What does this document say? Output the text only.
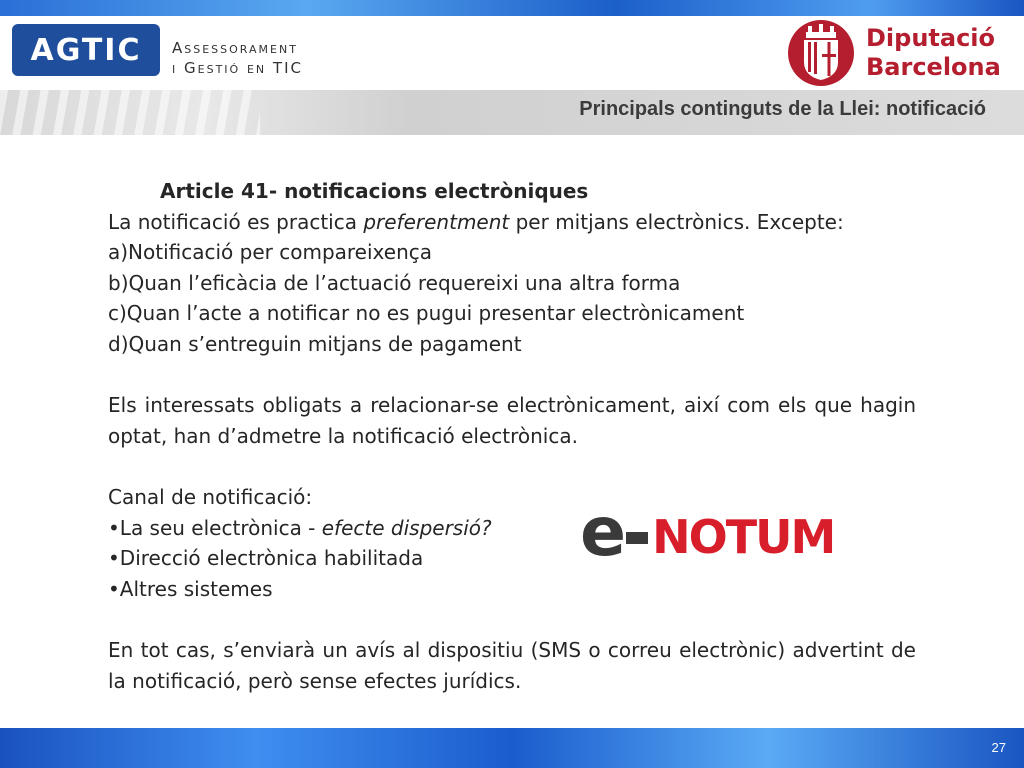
AGTIC Assessorament
i Gestió en TIC
Diputació
Barcelona
Principals continguts de la Llei: notificació

Article 41- notificacions electròniques

La notificació es practica preferentment per mitjans electrònics. Excepte:

a)Notificació per compareixença

b)Quan l’eficàcia de l’actuació requereixi una altra forma

c)Quan l’acte a notificar no es pugui presentar electrònicament

d)Quan s’entreguin mitjans de pagament

Els interessats obligats a relacionar-se electrònicament, així com els que hagin optat, han d’admetre la notificació electrònica.

Canal de notificació:

•La seu electrònica - efecte dispersió?

•Direcció electrònica habilitada

•Altres sistemes

En tot cas, s’enviarà un avís al dispositiu (SMS o correu electrònic) advertint de la notificació, però sense efectes jurídics.

e NOTUM
27
